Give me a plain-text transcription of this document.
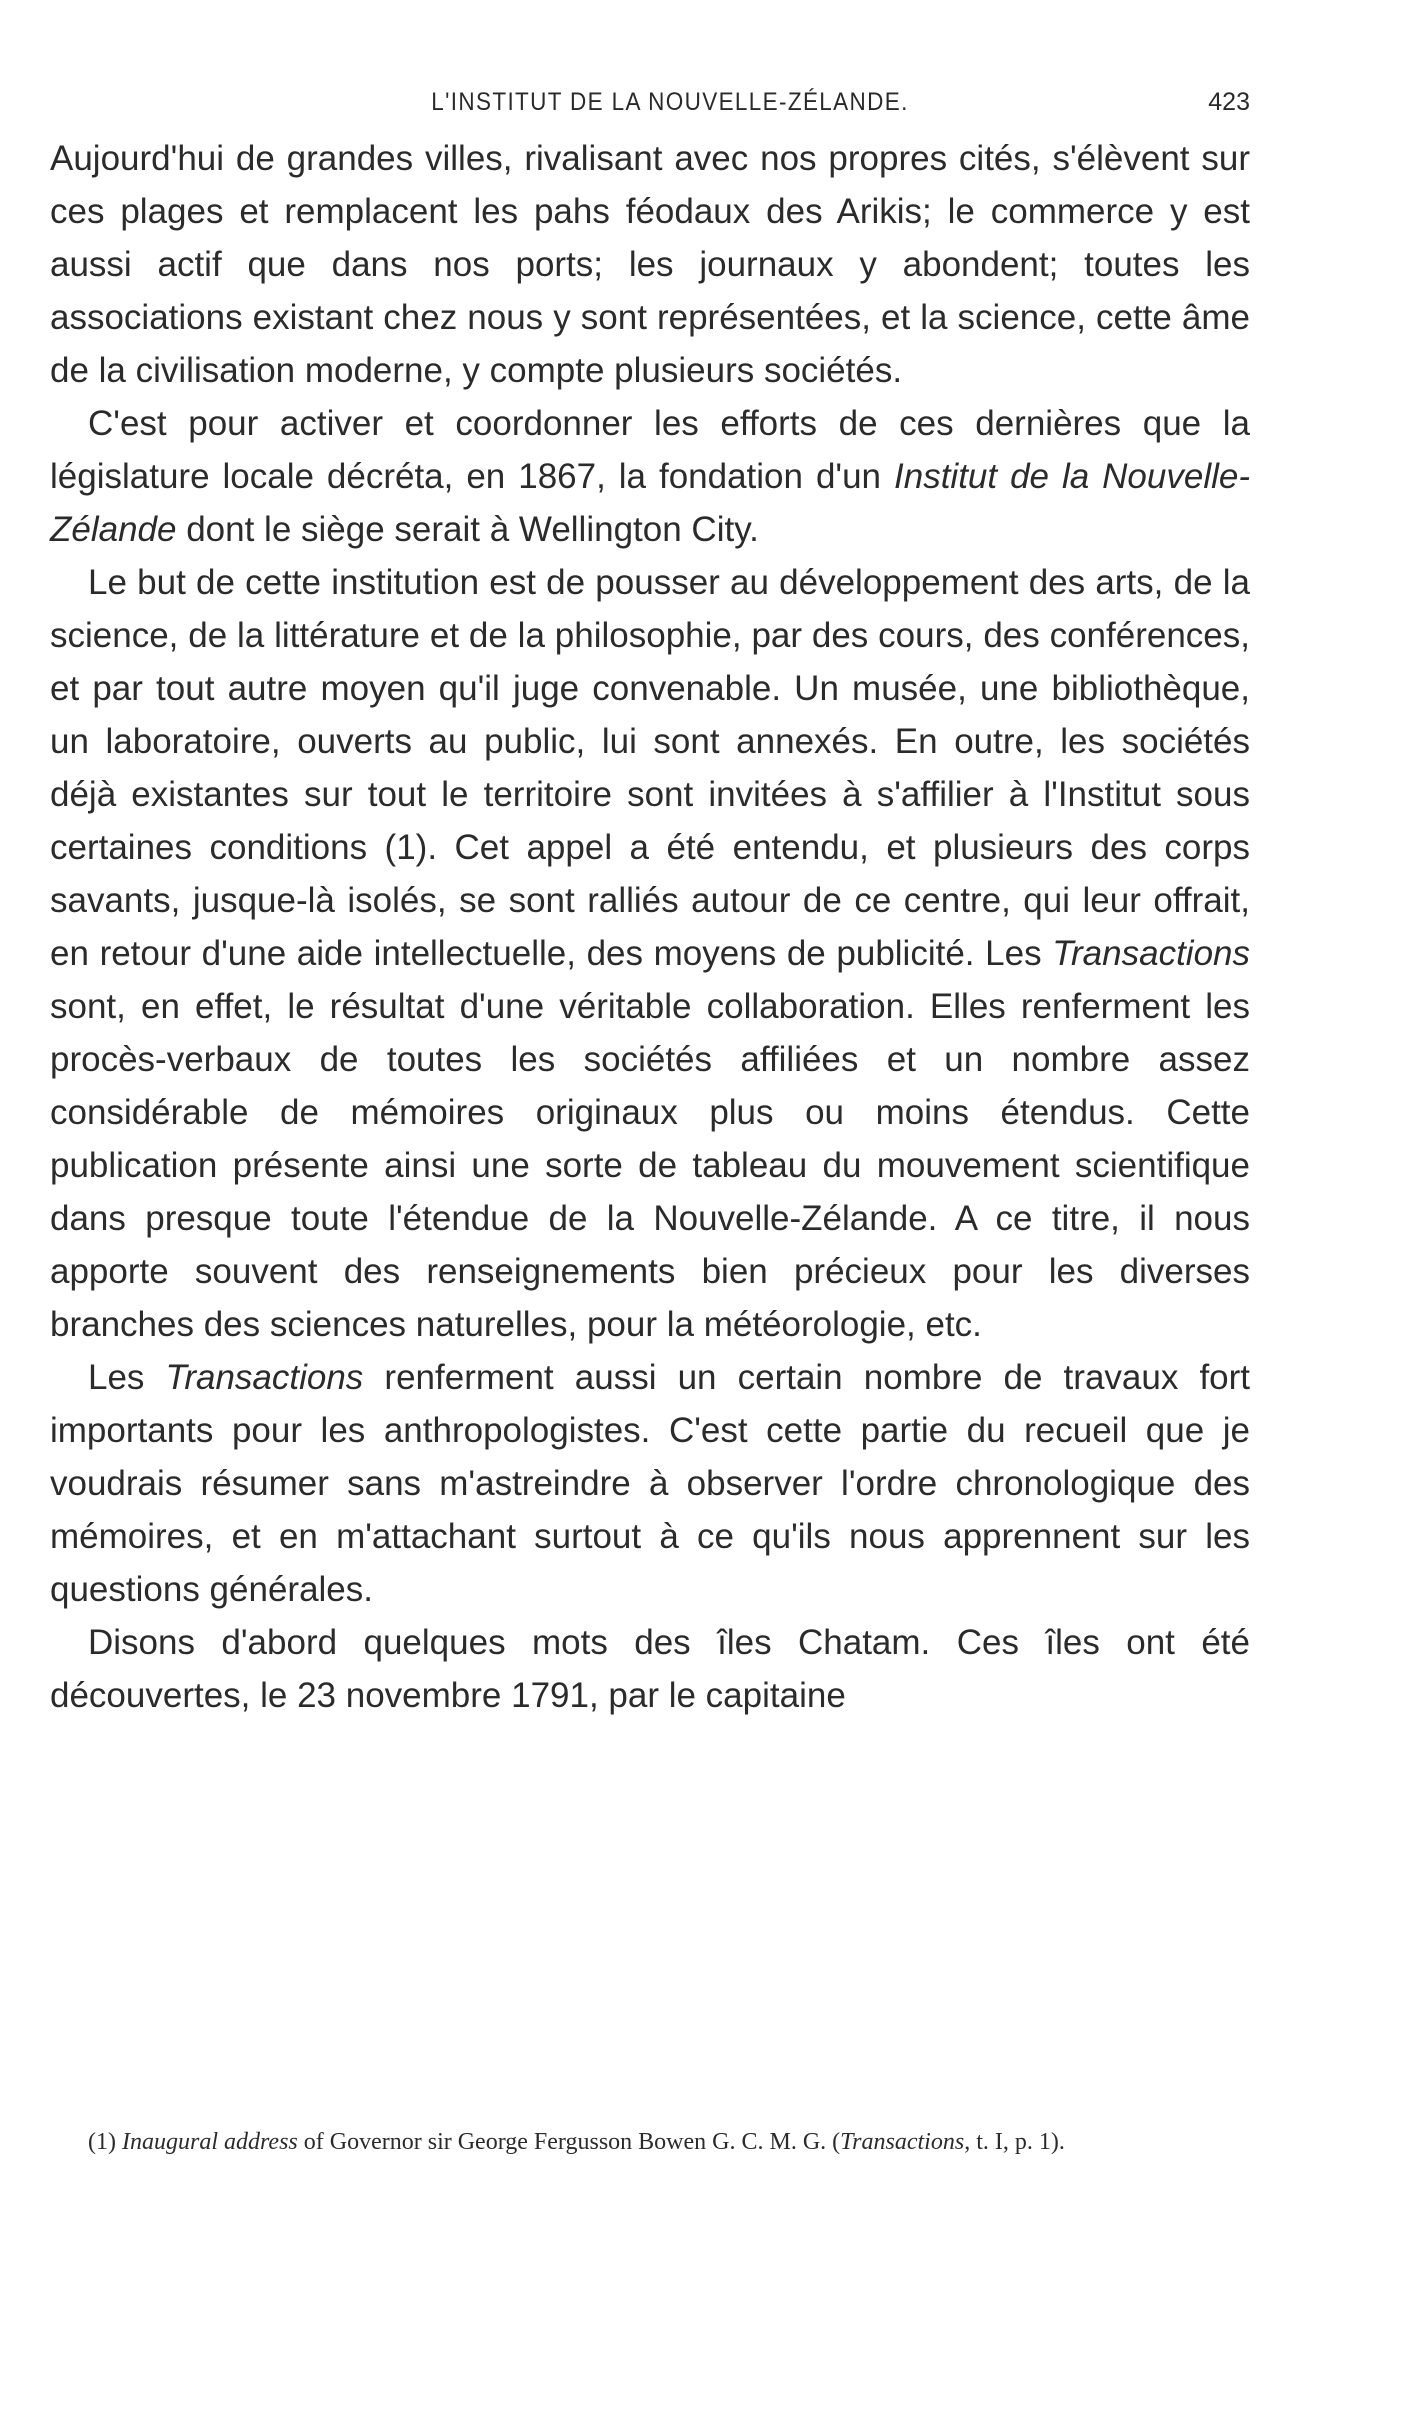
L'INSTITUT DE LA NOUVELLE-ZÉLANDE.	423

Aujourd'hui de grandes villes, rivalisant avec nos propres cités, s'élèvent sur ces plages et remplacent les pahs féodaux des Arikis; le commerce y est aussi actif que dans nos ports; les journaux y abondent; toutes les associations existant chez nous y sont représentées, et la science, cette âme de la civilisation moderne, y compte plusieurs sociétés.

C'est pour activer et coordonner les efforts de ces dernières que la législature locale décréta, en 1867, la fondation d'un Institut de la Nouvelle-Zélande dont le siège serait à Wellington City.

Le but de cette institution est de pousser au développement des arts, de la science, de la littérature et de la philosophie, par des cours, des conférences, et par tout autre moyen qu'il juge convenable. Un musée, une bibliothèque, un laboratoire, ouverts au public, lui sont annexés. En outre, les sociétés déjà existantes sur tout le territoire sont invitées à s'affilier à l'Institut sous certaines conditions (1). Cet appel a été entendu, et plusieurs des corps savants, jusque-là isolés, se sont ralliés autour de ce centre, qui leur offrait, en retour d'une aide intellectuelle, des moyens de publicité. Les Transactions sont, en effet, le résultat d'une véritable collaboration. Elles renferment les procès-verbaux de toutes les sociétés affiliées et un nombre assez considérable de mémoires originaux plus ou moins étendus. Cette publication présente ainsi une sorte de tableau du mouvement scientifique dans presque toute l'étendue de la Nouvelle-Zélande. A ce titre, il nous apporte souvent des renseignements bien précieux pour les diverses branches des sciences naturelles, pour la météorologie, etc.

Les Transactions renferment aussi un certain nombre de travaux fort importants pour les anthropologistes. C'est cette partie du recueil que je voudrais résumer sans m'astreindre à observer l'ordre chronologique des mémoires, et en m'attachant surtout à ce qu'ils nous apprennent sur les questions générales.

Disons d'abord quelques mots des îles Chatam. Ces îles ont été découvertes, le 23 novembre 1791, par le capitaine

(1) Inaugural address of Governor sir George Fergusson Bowen G. C. M. G. (Transactions, t. I, p. 1).
